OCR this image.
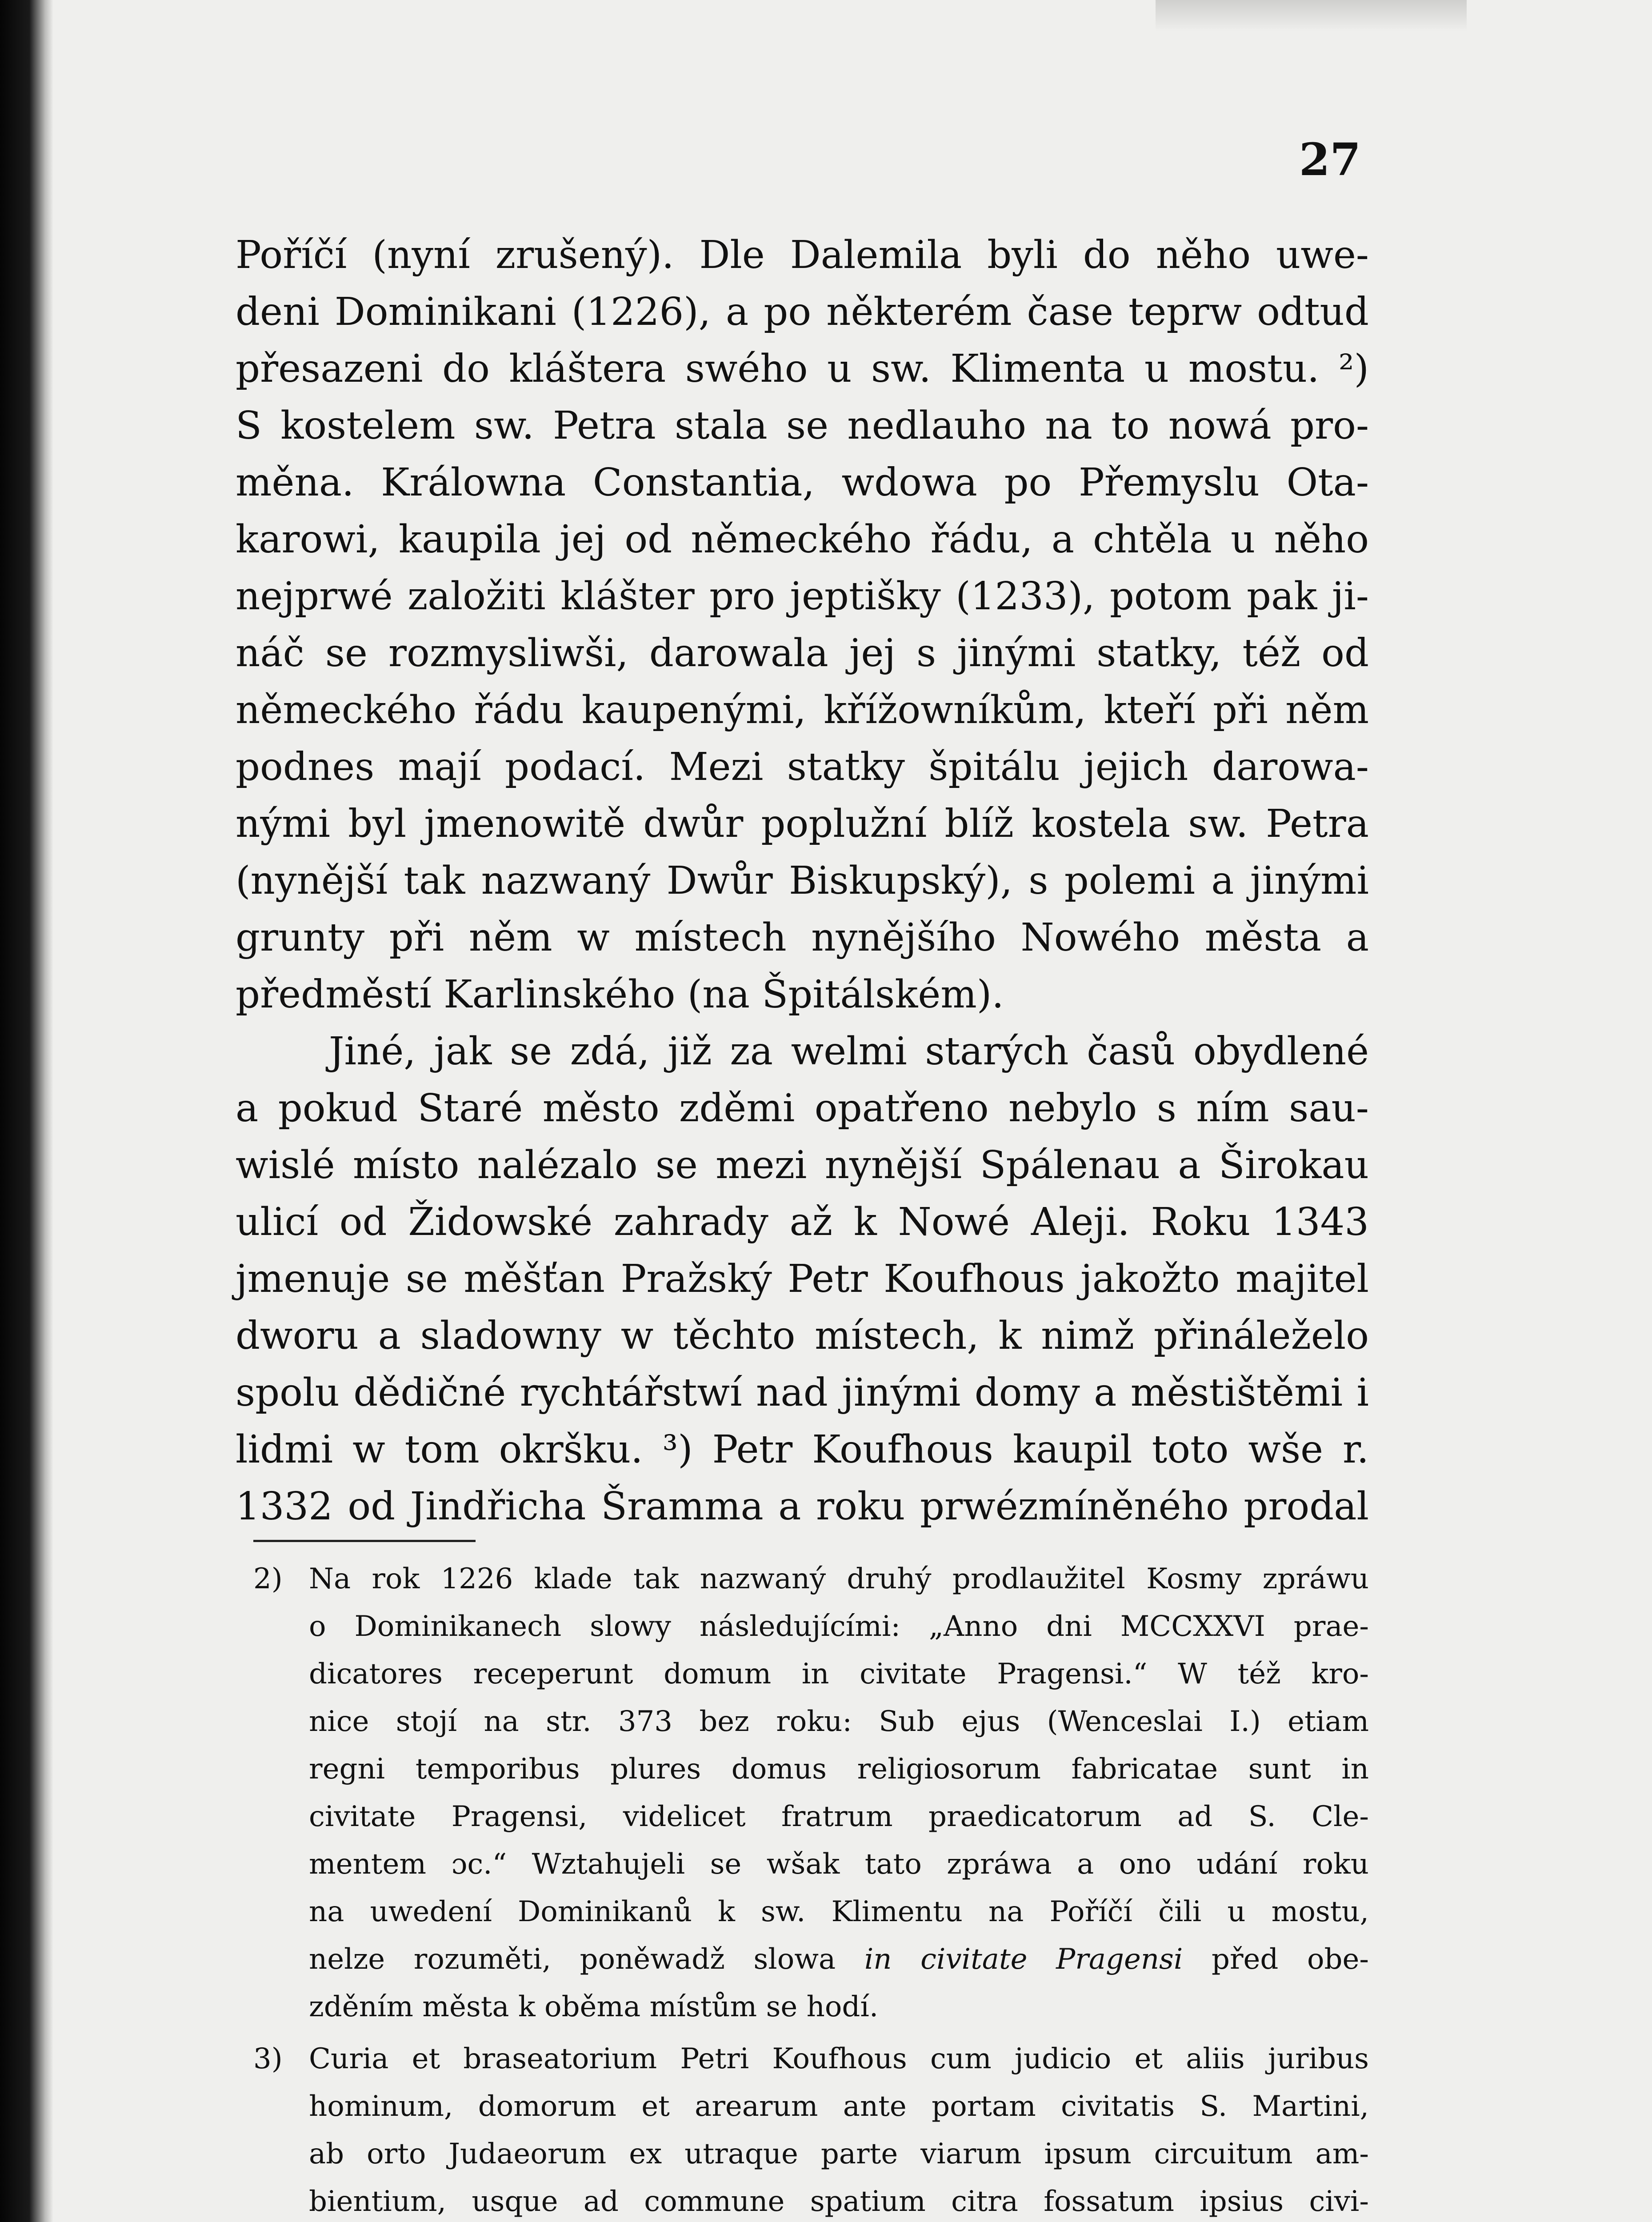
27
Poříčí (nyní zrušený). Dle Dalemila byli do něho uwe-
deni Dominikani (1226), a po některém čase teprw odtud
přesazeni do kláštera swého u sw. Klimenta u mostu. ²)
S kostelem sw. Petra stala se nedlauho na to nowá pro-
měna. Králowna Constantia, wdowa po Přemyslu Ota-
karowi, kaupila jej od německého řádu, a chtěla u něho
nejprwé založiti klášter pro jeptišky (1233), potom pak ji-
náč se rozmysliwši, darowala jej s jinými statky, též od
německého řádu kaupenými, křížowníkům, kteří při něm
podnes mají podací. Mezi statky špitálu jejich darowa-
nými byl jmenowitě dwůr poplužní blíž kostela sw. Petra
(nynější tak nazwaný Dwůr Biskupský), s polemi a jinými
grunty při něm w místech nynějšího Nowého města a
předměstí Karlinského (na Špitálském).
Jiné, jak se zdá, již za welmi starých časů obydlené
a pokud Staré město zděmi opatřeno nebylo s ním sau-
wislé místo nalézalo se mezi nynější Spálenau a Širokau
ulicí od Židowské zahrady až k Nowé Aleji. Roku 1343
jmenuje se měšťan Pražský Petr Koufhous jakožto majitel
dworu a sladowny w těchto místech, k nimž přináleželo
spolu dědičné rychtářstwí nad jinými domy a městištěmi i
lidmi w tom okršku. ³) Petr Koufhous kaupil toto wše r.
1332 od Jindřicha Šramma a roku prwézmíněného prodal
2) Na rok 1226 klade tak nazwaný druhý prodlaužitel Kosmy zpráwu
o Dominikanech slowy následujícími: „Anno dni MCCXXVI prae-
dicatores receperunt domum in civitate Pragensi.“ W též kro-
nice stojí na str. 373 bez roku: Sub ejus (Wenceslai I.) etiam
regni temporibus plures domus religiosorum fabricatae sunt in
civitate Pragensi, videlicet fratrum praedicatorum ad S. Cle-
mentem ɔc.“ Wztahujeli se wšak tato zpráwa a ono udání roku
na uwedení Dominikanů k sw. Klimentu na Poříčí čili u mostu,
nelze rozuměti, poněwadž slowa in civitate Pragensi před obe-
zděním města k oběma místům se hodí.
3) Curia et braseatorium Petri Koufhous cum judicio et aliis juribus
hominum, domorum et arearum ante portam civitatis S. Martini,
ab orto Judaeorum ex utraque parte viarum ipsum circuitum am-
bientium, usque ad commune spatium citra fossatum ipsius civi-
